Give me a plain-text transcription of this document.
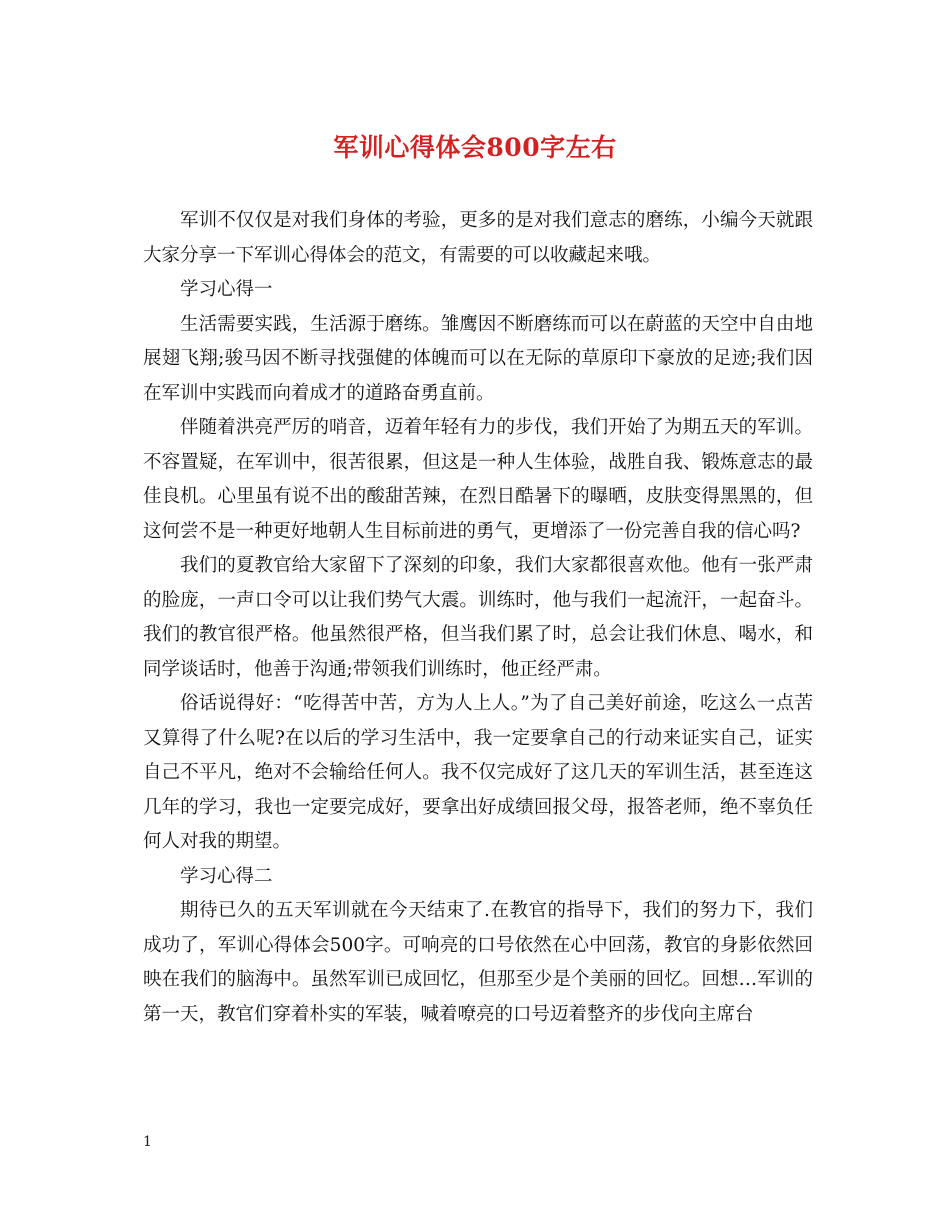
军训心得体会800字左右

军训不仅仅是对我们身体的考验，更多的是对我们意志的磨练，小编今天就跟大家分享一下军训心得体会的范文，有需要的可以收藏起来哦。

学习心得一

生活需要实践，生活源于磨练。雏鹰因不断磨练而可以在蔚蓝的天空中自由地展翅飞翔;骏马因不断寻找强健的体魄而可以在无际的草原印下豪放的足迹;我们因在军训中实践而向着成才的道路奋勇直前。

伴随着洪亮严厉的哨音，迈着年轻有力的步伐，我们开始了为期五天的军训。不容置疑，在军训中，很苦很累，但这是一种人生体验，战胜自我、锻炼意志的最佳良机。心里虽有说不出的酸甜苦辣，在烈日酷暑下的曝晒，皮肤变得黑黑的，但这何尝不是一种更好地朝人生目标前进的勇气，更增添了一份完善自我的信心吗?

我们的夏教官给大家留下了深刻的印象，我们大家都很喜欢他。他有一张严肃的脸庞，一声口令可以让我们势气大震。训练时，他与我们一起流汗，一起奋斗。我们的教官很严格。他虽然很严格，但当我们累了时，总会让我们休息、喝水，和同学谈话时，他善于沟通;带领我们训练时，他正经严肃。

俗话说得好：“吃得苦中苦，方为人上人。”为了自己美好前途，吃这么一点苦又算得了什么呢?在以后的学习生活中，我一定要拿自己的行动来证实自己，证实自己不平凡，绝对不会输给任何人。我不仅完成好了这几天的军训生活，甚至连这几年的学习，我也一定要完成好，要拿出好成绩回报父母，报答老师，绝不辜负任何人对我的期望。

学习心得二

期待已久的五天军训就在今天结束了.在教官的指导下，我们的努力下，我们成功了，军训心得体会500字。可响亮的口号依然在心中回荡，教官的身影依然回映在我们的脑海中。虽然军训已成回忆，但那至少是个美丽的回忆。回想…军训的第一天，教官们穿着朴实的军装，喊着嘹亮的口号迈着整齐的步伐向主席台

1
